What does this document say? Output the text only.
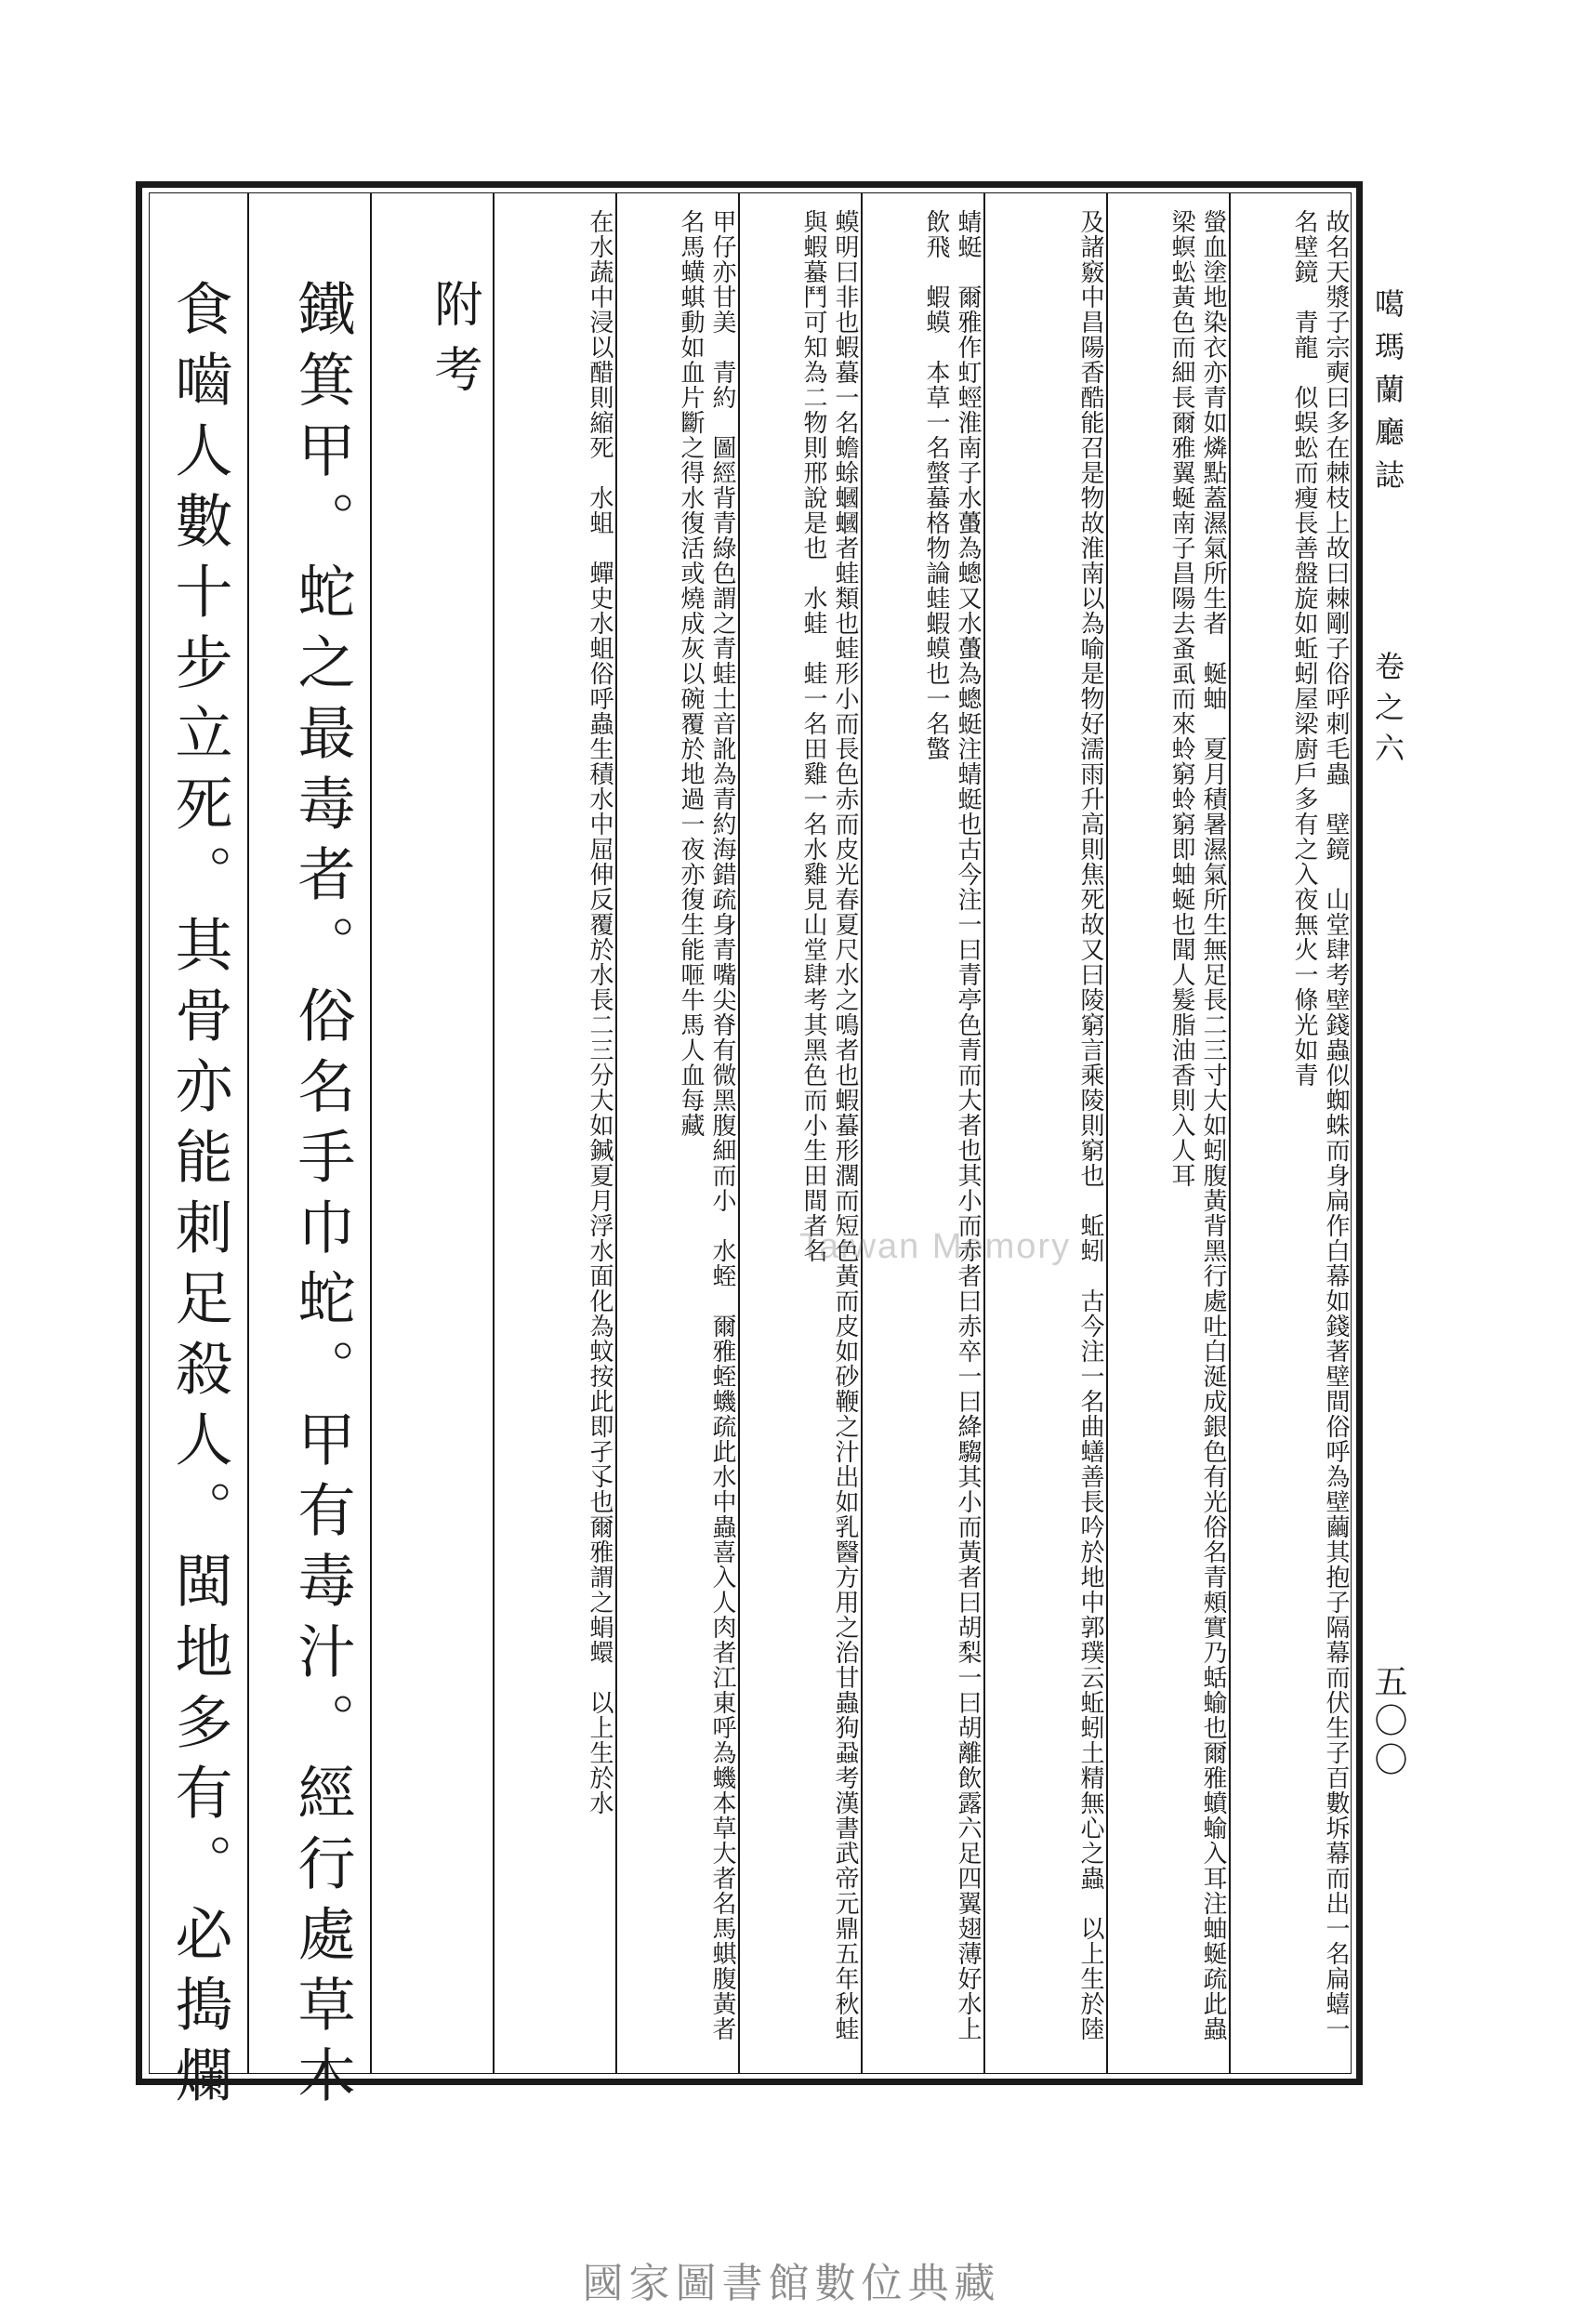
噶瑪蘭廳誌
卷之六
五〇〇
故名天漿子宗奭曰多在棘枝上故曰棘剛子俗呼刺毛蟲　壁鏡　山堂肆考壁錢蟲似蜘蛛而身扁作白幕如錢著壁間俗呼為壁繭其抱子隔幕而伏生子百數坼幕而出一名扁蟢一名壁鏡　青龍　似蜈蚣而瘦長善盤旋如蚯蚓屋梁廚戶多有之入夜無火一條光如青
螢血塗地染衣亦青如燐點蓋濕氣所生者　蜒蚰　夏月積暑濕氣所生無足長二三寸大如蚓腹黃背黑行處吐白涎成銀色有光俗名青頰實乃蛞蝓也爾雅蟦蝓入耳注蚰蜒疏此蟲梁螟蚣黃色而細長爾雅翼蜒南子昌陽去蚤虱而來蛉窮蛉窮即蚰蜒也聞人髮脂油香則入人耳
及諸竅中昌陽香酷能召是物故淮南以為喻是物好濡雨升高則焦死故又曰陵窮言乘陵則窮也　蚯蚓　古今注一名曲蟮善長吟於地中郭璞云蚯蚓土精無心之蟲　以上生於陸
蜻蜓　爾雅作虰蛵淮南子水蠆為蟌又水蠆為蟌蜓注蜻蜓也古今注一曰青亭色青而大者也其小而赤者曰赤卒一曰絳騶其小而黃者曰胡梨一曰胡離飲露六足四翼翅薄好水上飲飛　蝦蟆　本草一名螫蟇格物論蛙蝦蟆也一名蟼
蟆明曰非也蝦蟇一名蟾蜍蟈蟈者蛙類也蛙形小而長色赤而皮光春夏尺水之鳴者也蝦蟇形濶而短色黃而皮如砂鞭之汁出如乳醫方用之治甘蟲狗蝨考漢書武帝元鼎五年秋蛙與蝦蟇鬥可知為二物則邢說是也　水蛙　蛙一名田雞一名水雞見山堂肆考其黑色而小生田間者名
甲仔亦甘美　青約　圖經背青綠色謂之青蛙土音訛為青約海錯疏身青嘴尖脊有微黑腹細而小　水蛭　爾雅蛭蟣疏此水中蟲喜入人肉者江東呼為蟣本草大者名馬蜞腹黃者名馬蟥蜞動如血片斷之得水復活或燒成灰以碗覆於地過一夜亦復生能咂牛馬人血每藏
在水蔬中浸以醋則縮死　水蛆　蟬史水蛆俗呼蟲生積水中屈伸反覆於水長二三分大如鍼夏月浮水面化為蚊按此即孑孓也爾雅謂之蜎蠉　以上生於水
附考
鐵箕甲。蛇之最毒者。俗名手巾蛇。甲有毒汁。經行處草木
食嚙人數十步立死。其骨亦能刺足殺人。閩地多有。必搗爛
Taiwan Memory
國家圖書館數位典藏
